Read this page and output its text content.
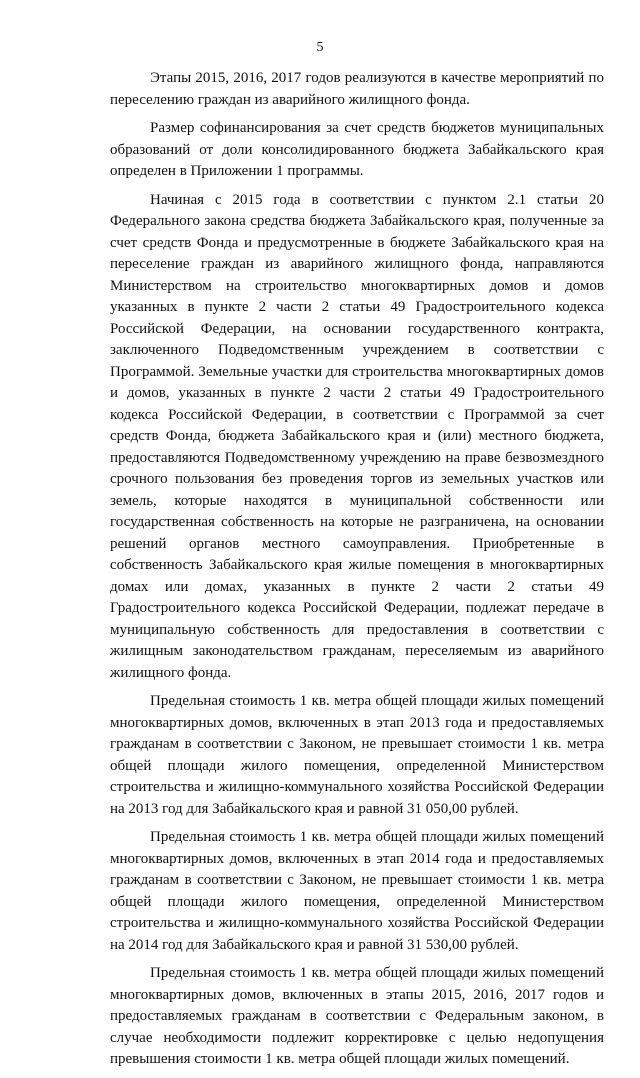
5

Этапы 2015, 2016, 2017 годов реализуются в качестве мероприятий по переселению граждан из аварийного жилищного фонда.

Размер софинансирования за счет средств бюджетов муниципальных образований от доли консолидированного бюджета Забайкальского края определен в Приложении 1 программы.

Начиная с 2015 года в соответствии с пунктом 2.1 статьи 20 Федерального закона средства бюджета Забайкальского края, полученные за счет средств Фонда и предусмотренные в бюджете Забайкальского края на переселение граждан из аварийного жилищного фонда, направляются Министерством на строительство многоквартирных домов и домов указанных в пункте 2 части 2 статьи 49 Градостроительного кодекса Российской Федерации, на основании государственного контракта, заключенного Подведомственным учреждением в соответствии с Программой. Земельные участки для строительства многоквартирных домов и домов, указанных в пункте 2 части 2 статьи 49 Градостроительного кодекса Российской Федерации, в соответствии с Программой за счет средств Фонда, бюджета Забайкальского края и (или) местного бюджета, предоставляются Подведомственному учреждению на праве безвозмездного срочного пользования без проведения торгов из земельных участков или земель, которые находятся в муниципальной собственности или государственная собственность на которые не разграничена, на основании решений органов местного самоуправления. Приобретенные в собственность Забайкальского края жилые помещения в многоквартирных домах или домах, указанных в пункте 2 части 2 статьи 49 Градостроительного кодекса Российской Федерации, подлежат передаче в муниципальную собственность для предоставления в соответствии с жилищным законодательством гражданам, переселяемым из аварийного жилищного фонда.

Предельная стоимость 1 кв. метра общей площади жилых помещений многоквартирных домов, включенных в этап 2013 года и предоставляемых гражданам в соответствии с Законом, не превышает стоимости 1 кв. метра общей площади жилого помещения, определенной Министерством строительства и жилищно-коммунального хозяйства Российской Федерации на 2013 год для Забайкальского края и равной 31 050,00 рублей.

Предельная стоимость 1 кв. метра общей площади жилых помещений многоквартирных домов, включенных в этап 2014 года и предоставляемых гражданам в соответствии с Законом, не превышает стоимости 1 кв. метра общей площади жилого помещения, определенной Министерством строительства и жилищно-коммунального хозяйства Российской Федерации на 2014 год для Забайкальского края и равной 31 530,00 рублей.

Предельная стоимость 1 кв. метра общей площади жилых помещений многоквартирных домов, включенных в этапы 2015, 2016, 2017 годов и предоставляемых гражданам в соответствии с Федеральным законом, в случае необходимости подлежит корректировке с целью недопущения превышения стоимости 1 кв. метра общей площади жилых помещений.
